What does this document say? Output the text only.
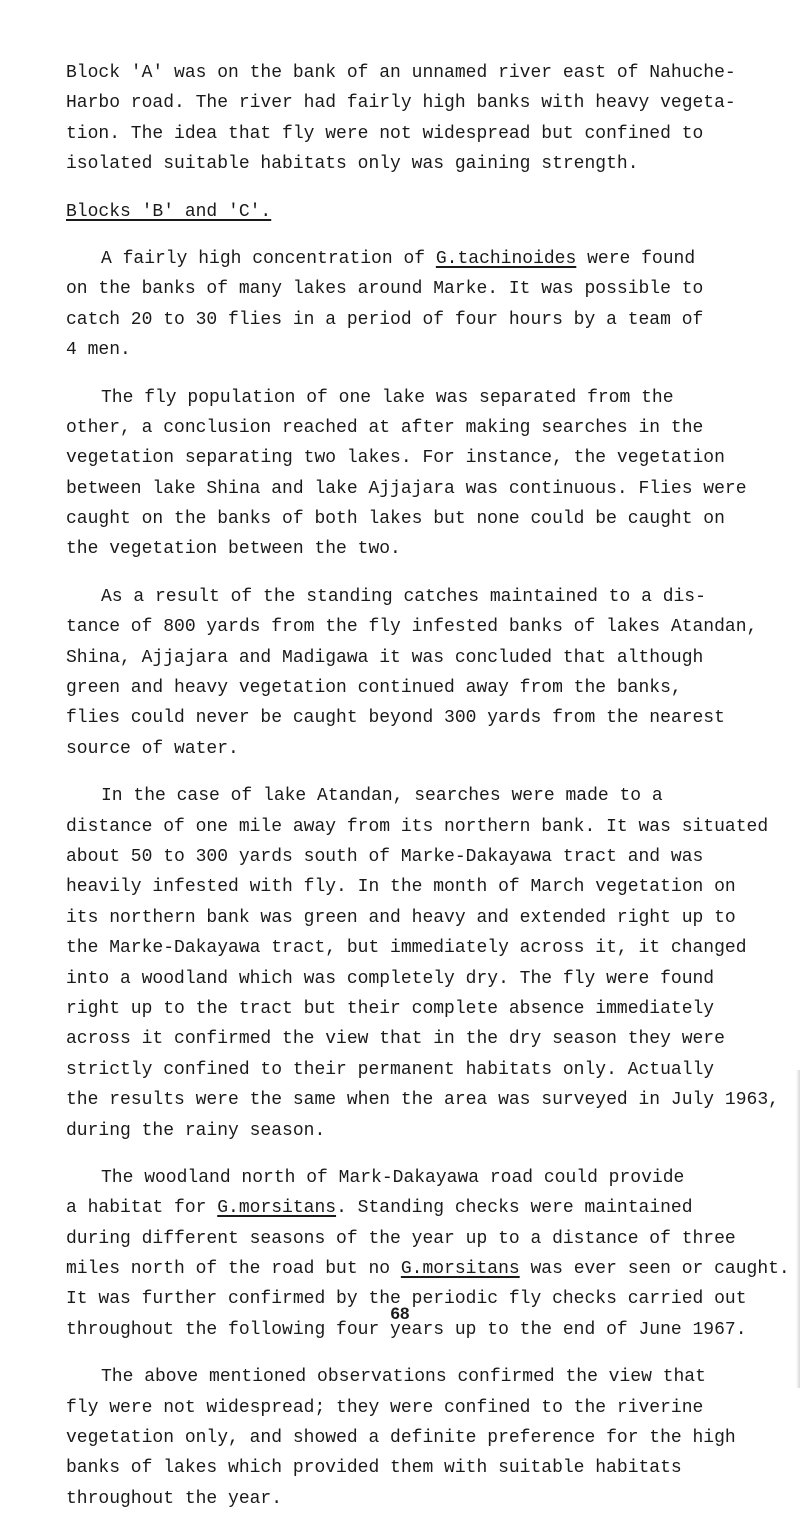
Block 'A' was on the bank of an unnamed river east of Nahuche-
Harbo road. The river had fairly high banks with heavy vegeta-
tion. The idea that fly were not widespread but confined to
isolated suitable habitats only was gaining strength.
Blocks 'B' and 'C'.
A fairly high concentration of G.tachinoides were found
on the banks of many lakes around Marke. It was possible to
catch 20 to 30 flies in a period of four hours by a team of
4 men.
The fly population of one lake was separated from the
other, a conclusion reached at after making searches in the
vegetation separating two lakes. For instance, the vegetation
between lake Shina and lake Ajjajara was continuous. Flies were
caught on the banks of both lakes but none could be caught on
the vegetation between the two.
As a result of the standing catches maintained to a dis-
tance of 800 yards from the fly infested banks of lakes Atandan,
Shina, Ajjajara and Madigawa it was concluded that although
green and heavy vegetation continued away from the banks,
flies could never be caught beyond 300 yards from the nearest
source of water.
In the case of lake Atandan, searches were made to a
distance of one mile away from its northern bank. It was situated
about 50 to 300 yards south of Marke-Dakayawa tract and was
heavily infested with fly. In the month of March vegetation on
its northern bank was green and heavy and extended right up to
the Marke-Dakayawa tract, but immediately across it, it changed
into a woodland which was completely dry. The fly were found
right up to the tract but their complete absence immediately
across it confirmed the view that in the dry season they were
strictly confined to their permanent habitats only. Actually
the results were the same when the area was surveyed in July 1963,
during the rainy season.
The woodland north of Mark-Dakayawa road could provide
a habitat for G.morsitans. Standing checks were maintained
during different seasons of the year up to a distance of three
miles north of the road but no G.morsitans was ever seen or caught.
It was further confirmed by the periodic fly checks carried out
throughout the following four years up to the end of June 1967.
The above mentioned observations confirmed the view that
fly were not widespread; they were confined to the riverine
vegetation only, and showed a definite preference for the high
banks of lakes which provided them with suitable habitats
throughout the year.
68
